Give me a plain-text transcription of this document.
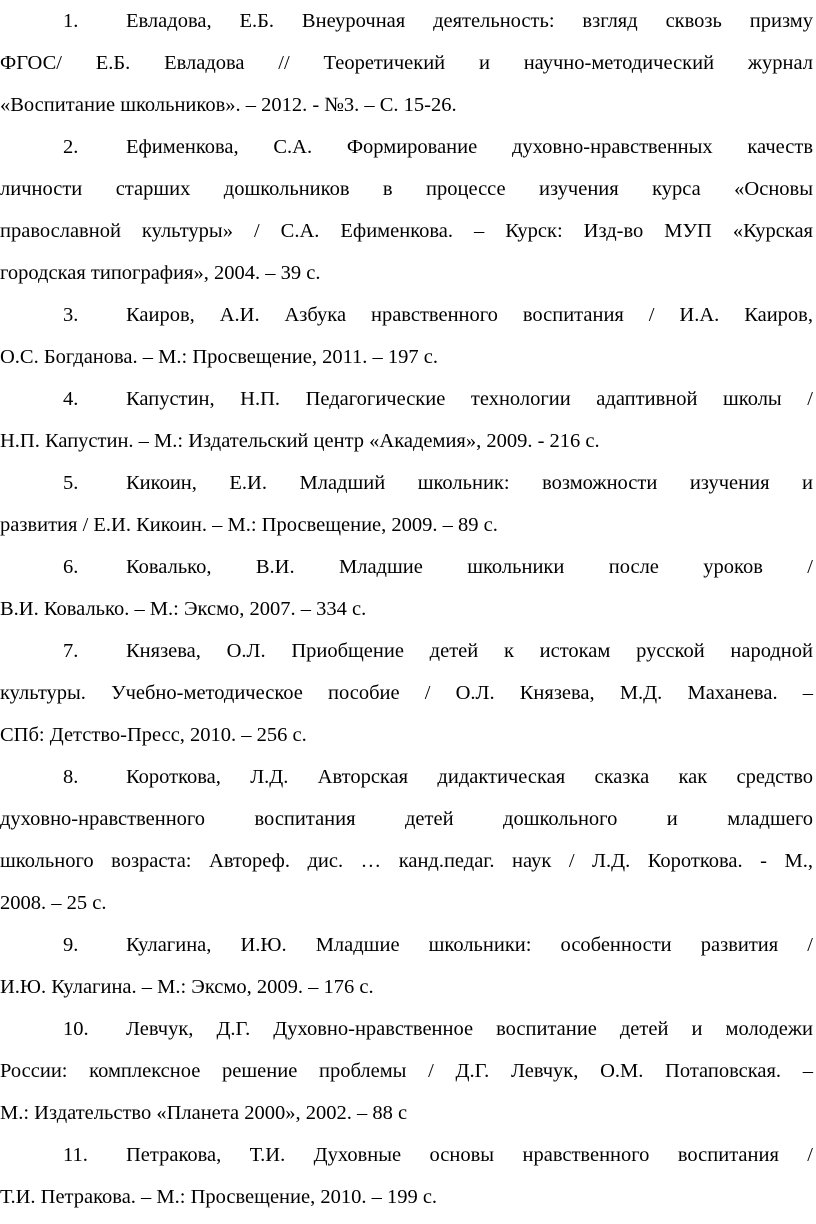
1. Евладова, Е.Б. Внеурочная деятельность: взгляд сквозь призму
ФГОС/ Е.Б. Евладова // Теоретичекий и научно-методический журнал
«Воспитание школьников». – 2012. - №3. – С. 15-26.
2. Ефименкова, С.А. Формирование духовно-нравственных качеств
личности старших дошкольников в процессе изучения курса «Основы
православной культуры» / С.А. Ефименкова. – Курск: Изд-во МУП «Курская
городская типография», 2004. – 39 с.
3. Каиров, А.И. Азбука нравственного воспитания / И.А. Каиров,
О.С. Богданова. – М.: Просвещение, 2011. – 197 с.
4. Капустин, Н.П. Педагогические технологии адаптивной школы /
Н.П. Капустин. – М.: Издательский центр «Академия», 2009. - 216 с.
5. Кикоин, Е.И. Младший школьник: возможности изучения и
развития / Е.И. Кикоин. – М.: Просвещение, 2009. – 89 с.
6. Ковалько, В.И. Младшие школьники после уроков /
В.И. Ковалько. – М.: Эксмо, 2007. – 334 с.
7. Князева, О.Л. Приобщение детей к истокам русской народной
культуры. Учебно-методическое пособие / О.Л. Князева, М.Д. Маханева. –
СПб: Детство-Пресс, 2010. – 256 с.
8. Короткова, Л.Д. Авторская дидактическая сказка как средство
духовно-нравственного воспитания детей дошкольного и младшего
школьного возраста: Автореф. дис. … канд.педаг. наук / Л.Д. Короткова. - М.,
2008. – 25 с.
9. Кулагина, И.Ю. Младшие школьники: особенности развития /
И.Ю. Кулагина. – М.: Эксмо, 2009. – 176 с.
10. Левчук, Д.Г. Духовно-нравственное воспитание детей и молодежи
России: комплексное решение проблемы / Д.Г. Левчук, О.М. Потаповская. –
М.: Издательство «Планета 2000», 2002. – 88 с
11. Петракова, Т.И. Духовные основы нравственного воспитания /
Т.И. Петракова. – М.: Просвещение, 2010. – 199 с.
